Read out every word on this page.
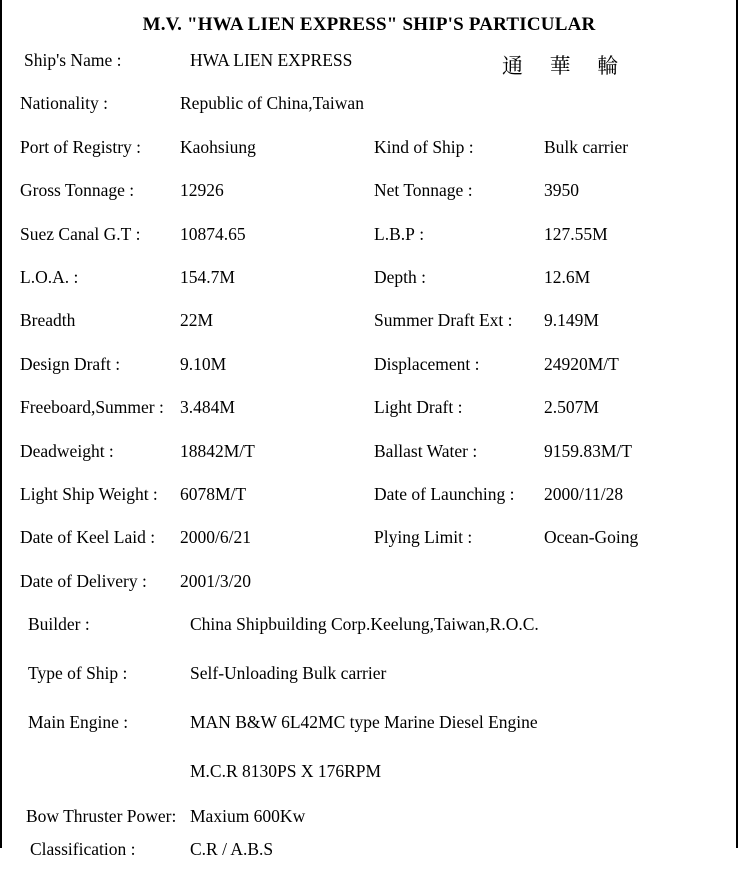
M.V. "HWA LIEN EXPRESS" SHIP'S PARTICULAR
Ship's Name :	HWA LIEN EXPRESS	通 華 輪
Nationality :	Republic of China,Taiwan
Port of Registry : Kaohsiung	Kind of Ship :	Bulk carrier
Gross Tonnage :	12926	Net Tonnage :	3950
Suez Canal G.T : 10874.65	L.B.P :	127.55M
L.O.A. :	154.7M	Depth :	12.6M
Breadth	22M	Summer Draft Ext : 9.149M
Design Draft :	9.10M	Displacement :	24920M/T
Freeboard,Summer : 3.484M	Light Draft :	2.507M
Deadweight :	18842M/T	Ballast Water :	9159.83M/T
Light Ship Weight : 6078M/T	Date of Launching : 2000/11/28
Date of Keel Laid : 2000/6/21	Plying Limit :	Ocean-Going
Date of Delivery : 2001/3/20
Builder :	China Shipbuilding Corp.Keelung,Taiwan,R.O.C.
Type of Ship :	Self-Unloading Bulk carrier
Main Engine :	MAN B&W 6L42MC type Marine Diesel Engine
M.C.R 8130PS X 176RPM
Bow Thruster Power: Maxium 600Kw
Classification :	C.R / A.B.S
